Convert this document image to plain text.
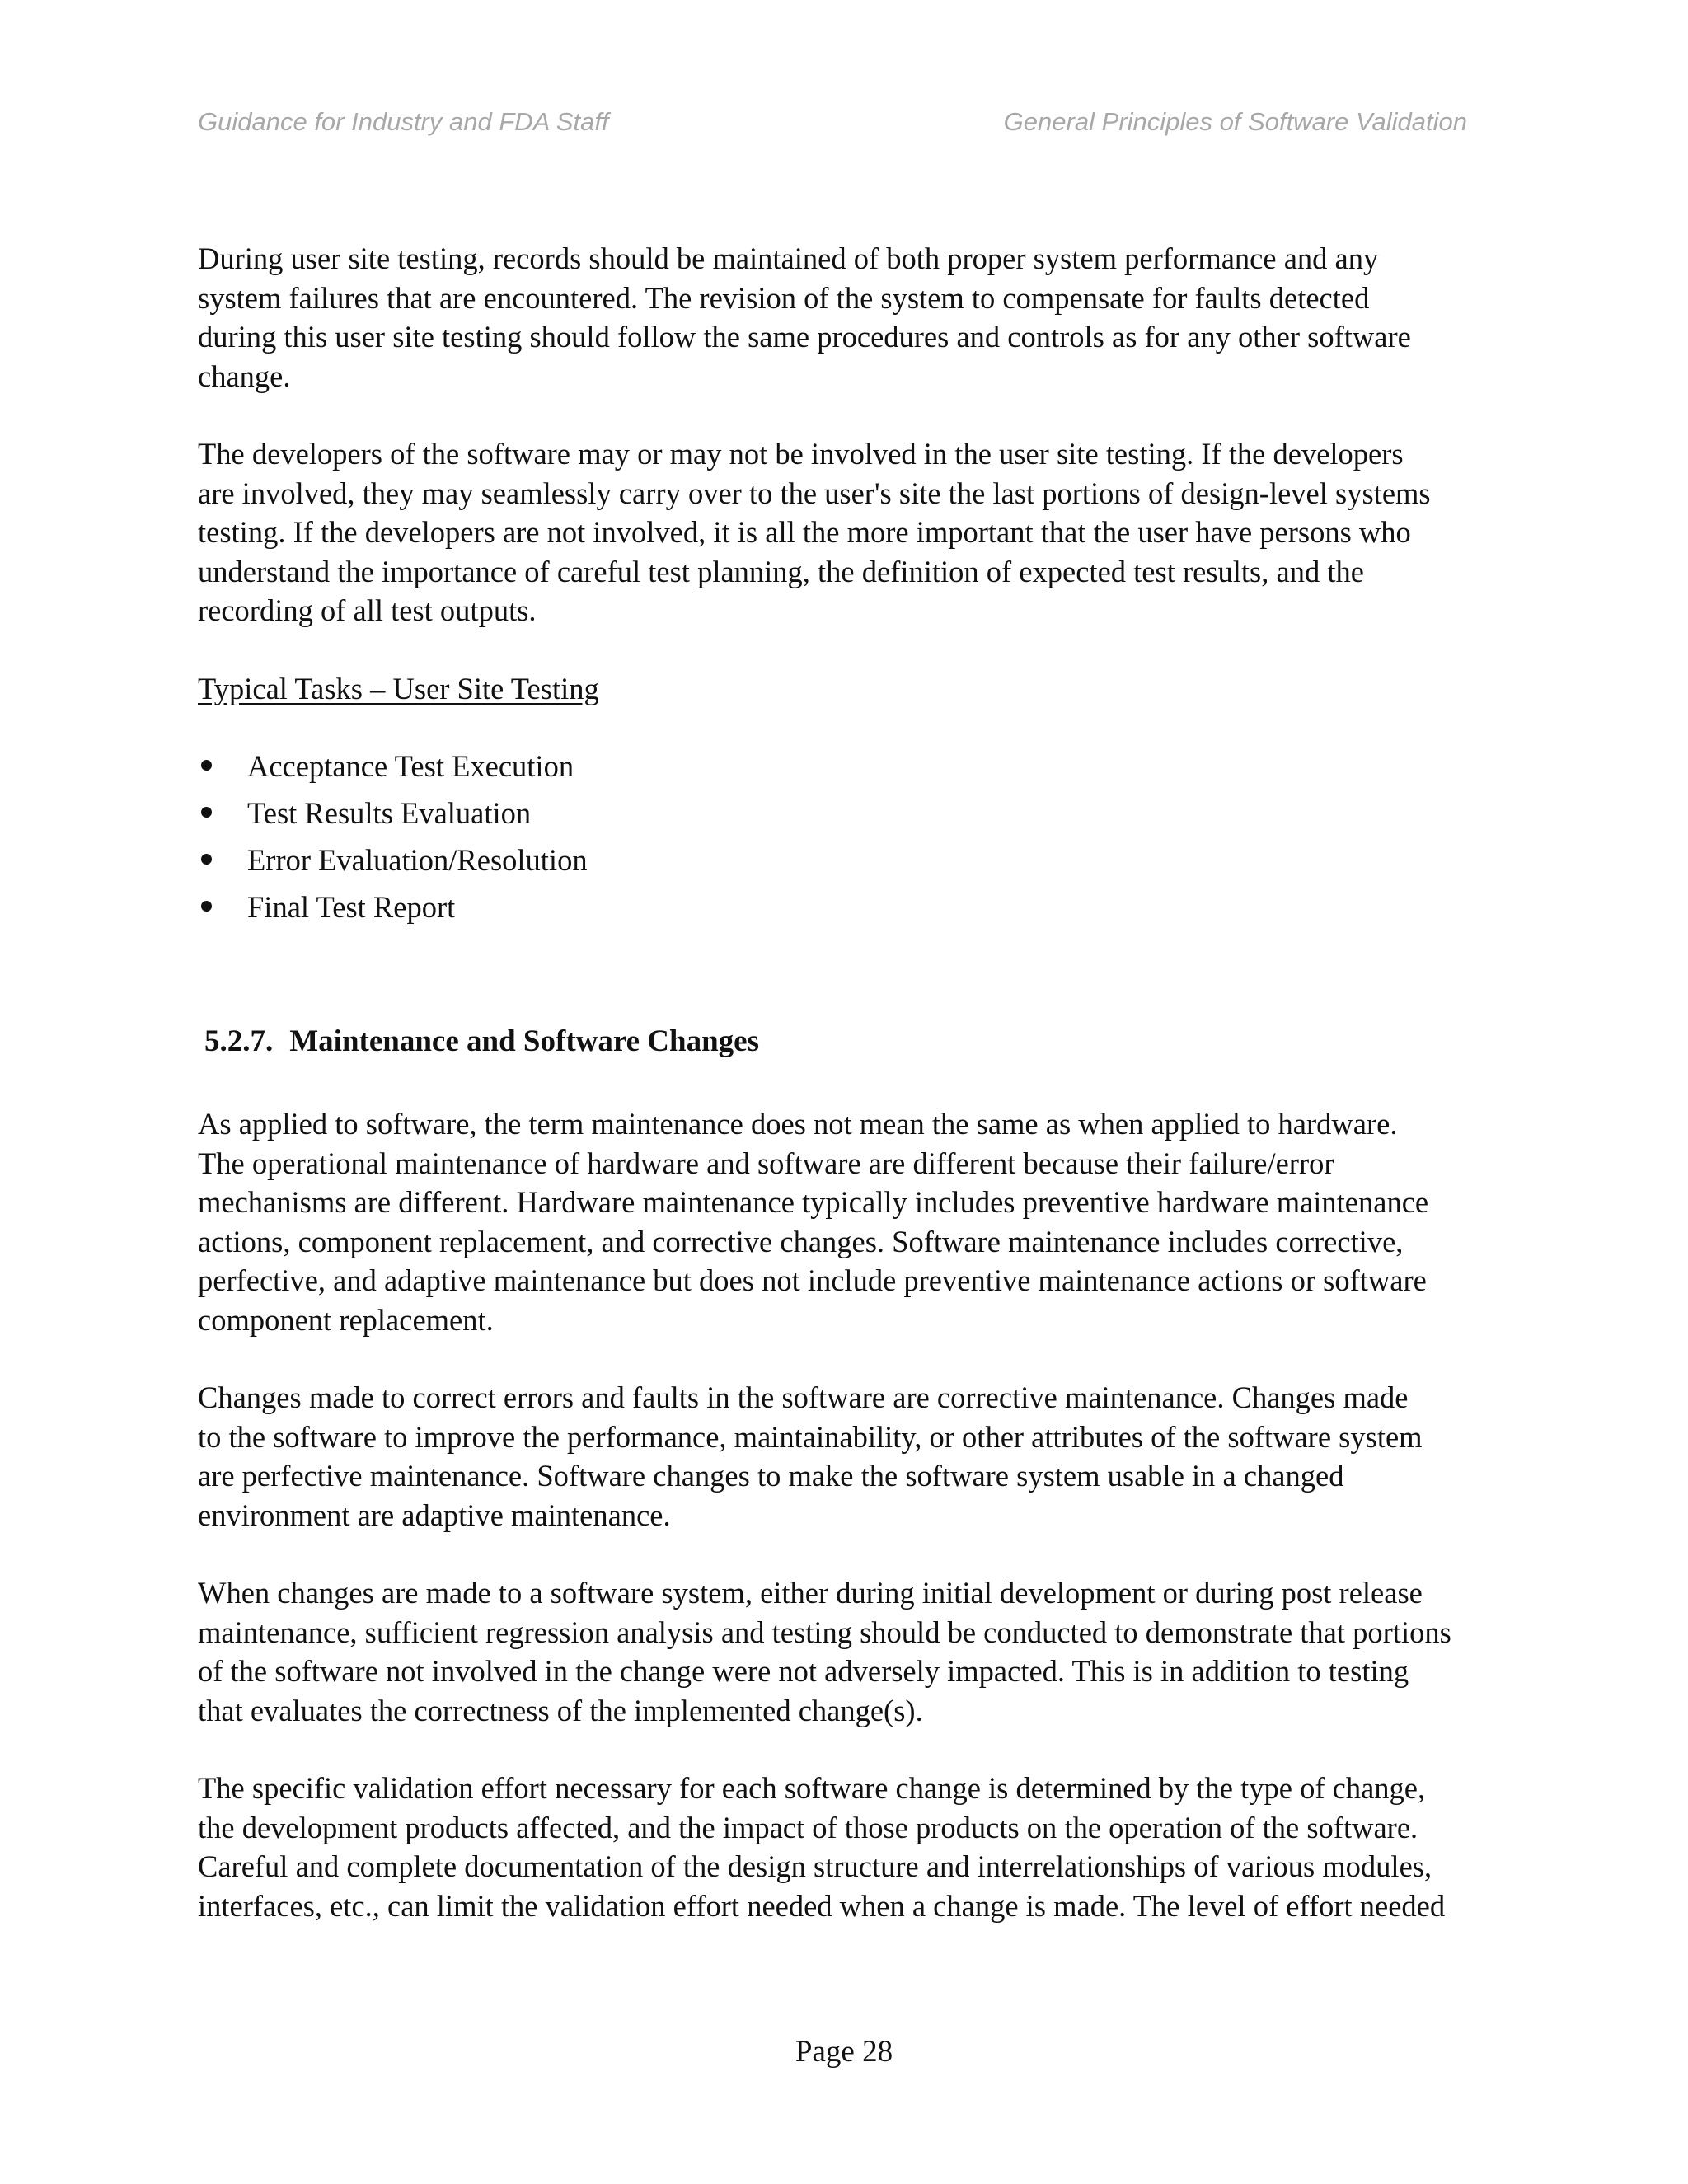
Guidance for Industry and FDA Staff	General Principles of Software Validation

During user site testing, records should be maintained of both proper system performance and any
system failures that are encountered. The revision of the system to compensate for faults detected
during this user site testing should follow the same procedures and controls as for any other software
change.

The developers of the software may or may not be involved in the user site testing. If the developers
are involved, they may seamlessly carry over to the user's site the last portions of design-level systems
testing. If the developers are not involved, it is all the more important that the user have persons who
understand the importance of careful test planning, the definition of expected test results, and the
recording of all test outputs.

Typical Tasks – User Site Testing
Acceptance Test Execution
Test Results Evaluation
Error Evaluation/Resolution
Final Test Report
5.2.7. Maintenance and Software Changes

As applied to software, the term maintenance does not mean the same as when applied to hardware.
The operational maintenance of hardware and software are different because their failure/error
mechanisms are different. Hardware maintenance typically includes preventive hardware maintenance
actions, component replacement, and corrective changes. Software maintenance includes corrective,
perfective, and adaptive maintenance but does not include preventive maintenance actions or software
component replacement.

Changes made to correct errors and faults in the software are corrective maintenance. Changes made
to the software to improve the performance, maintainability, or other attributes of the software system
are perfective maintenance. Software changes to make the software system usable in a changed
environment are adaptive maintenance.

When changes are made to a software system, either during initial development or during post release
maintenance, sufficient regression analysis and testing should be conducted to demonstrate that portions
of the software not involved in the change were not adversely impacted. This is in addition to testing
that evaluates the correctness of the implemented change(s).

The specific validation effort necessary for each software change is determined by the type of change,
the development products affected, and the impact of those products on the operation of the software.
Careful and complete documentation of the design structure and interrelationships of various modules,
interfaces, etc., can limit the validation effort needed when a change is made. The level of effort needed

Page 28
